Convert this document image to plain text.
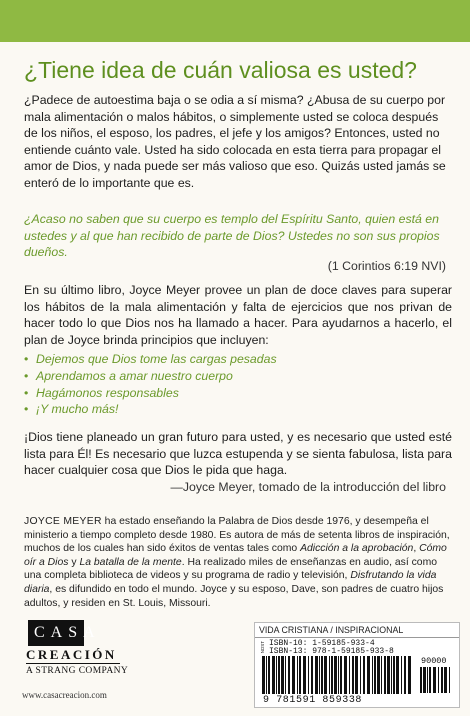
¿Tiene idea de cuán valiosa es usted?
¿Padece de autoestima baja o se odia a sí misma? ¿Abusa de su cuerpo por mala alimentación o malos hábitos, o simplemente usted se coloca después de los niños, el esposo, los padres, el jefe y los amigos? Entonces, usted no entiende cuánto vale. Usted ha sido colocada en esta tierra para propagar el amor de Dios, y nada puede ser más valioso que eso. Quizás usted jamás se enteró de lo importante que es.
¿Acaso no saben que su cuerpo es templo del Espíritu Santo, quien está en ustedes y al que han recibido de parte de Dios? Ustedes no son sus propios dueños.
(1 Corintios 6:19 NVI)
En su último libro, Joyce Meyer provee un plan de doce claves para superar los hábitos de la mala alimentación y falta de ejercicios que nos privan de hacer todo lo que Dios nos ha llamado a hacer. Para ayudarnos a hacerlo, el plan de Joyce brinda principios que incluyen:
• Dejemos que Dios tome las cargas pesadas
• Aprendamos a amar nuestro cuerpo
• Hagámonos responsables
• ¡Y mucho más!
¡Dios tiene planeado un gran futuro para usted, y es necesario que usted esté lista para Él! Es necesario que luzca estupenda y se sienta fabulosa, lista para hacer cualquier cosa que Dios le pida que haga.
—Joyce Meyer, tomado de la introducción del libro
JOYCE MEYER ha estado enseñando la Palabra de Dios desde 1976, y desempeña el ministerio a tiempo completo desde 1980. Es autora de más de setenta libros de inspiración, muchos de los cuales han sido éxitos de ventas tales como Adicción a la aprobación, Cómo oír a Dios y La batalla de la mente. Ha realizado miles de enseñanzas en audio, así como una completa biblioteca de videos y su programa de radio y televisión, Disfrutando la vida diaria, es difundido en todo el mundo. Joyce y su esposo, Dave, son padres de cuatro hijos adultos, y residen en St. Louis, Missouri.
CASA
CREACIÓN
A STRANG COMPANY
www.casacreacion.com
VIDA CRISTIANA / INSPIRACIONAL
NDST ISBN-10: 1-59185-933-4
ISBN-13: 978-1-59185-933-8
90000
9 781591 859338
